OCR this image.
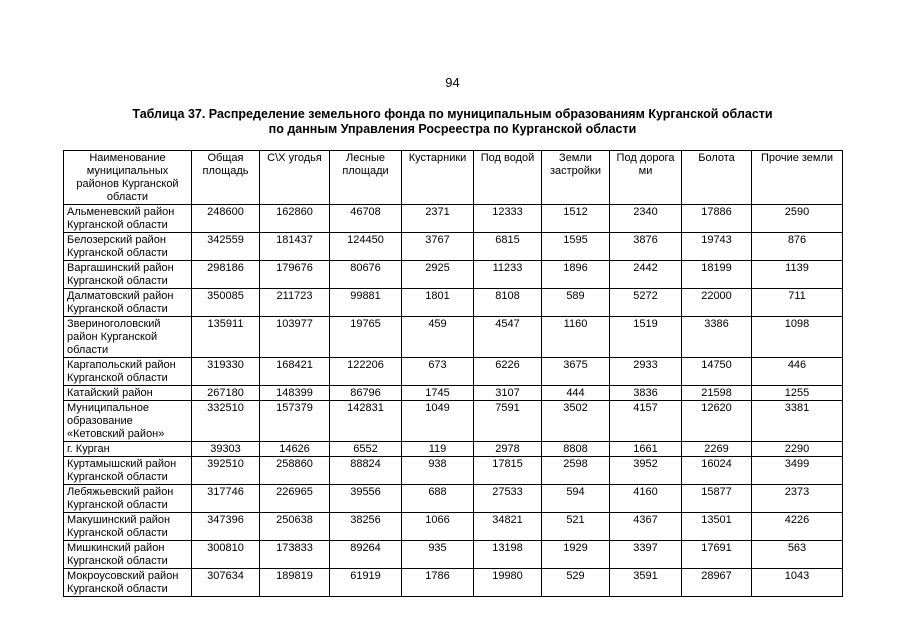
94
Таблица 37. Распределение земельного фонда по муниципальным образованиям Курганской области
по данным Управления Росреестра по Курганской области
Наименование муниципальных районов Курганской области	Общая площадь	С\Х угодья	Лесные площади	Кустарники	Под водой	Земли застройки	Под дорога ми	Болота	Прочие земли
Альменевский район Курганской области	248600	162860	46708	2371	12333	1512	2340	17886	2590
Белозерский район Курганской области	342559	181437	124450	3767	6815	1595	3876	19743	876
Варгашинский район Курганской области	298186	179676	80676	2925	11233	1896	2442	18199	1139
Далматовский район Курганской области	350085	211723	99881	1801	8108	589	5272	22000	711
Звериноголовский район Курганской области	135911	103977	19765	459	4547	1160	1519	3386	1098
Каргапольский район Курганской области	319330	168421	122206	673	6226	3675	2933	14750	446
Катайский район	267180	148399	86796	1745	3107	444	3836	21598	1255
Муниципальное образование «Кетовский район»	332510	157379	142831	1049	7591	3502	4157	12620	3381
г. Курган	39303	14626	6552	119	2978	8808	1661	2269	2290
Куртамышский район Курганской области	392510	258860	88824	938	17815	2598	3952	16024	3499
Лебяжьевский район Курганской области	317746	226965	39556	688	27533	594	4160	15877	2373
Макушинский район Курганской области	347396	250638	38256	1066	34821	521	4367	13501	4226
Мишкинский район Курганской области	300810	173833	89264	935	13198	1929	3397	17691	563
Мокроусовский район Курганской области	307634	189819	61919	1786	19980	529	3591	28967	1043
